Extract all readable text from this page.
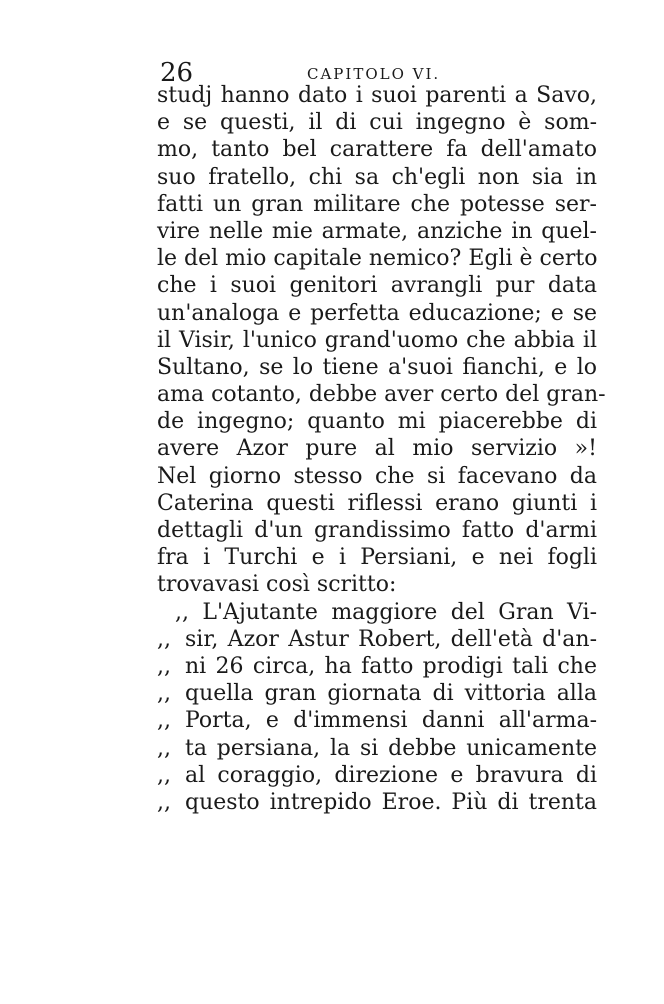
26	CAPITOLO VI.
studj hanno dato i suoi parenti a Savo,
e se questi, il di cui ingegno è som-
mo, tanto bel carattere fa dell'amato
suo fratello, chi sa ch'egli non sia in
fatti un gran militare che potesse ser-
vire nelle mie armate, anziche in quel-
le del mio capitale nemico? Egli è certo
che i suoi genitori avrangli pur data
un'analoga e perfetta educazione; e se
il Visir, l'unico grand'uomo che abbia il
Sultano, se lo tiene a'suoi fianchi, e lo
ama cotanto, debbe aver certo del gran-
de ingegno; quanto mi piacerebbe di
avere Azor pure al mio servizio »!
Nel giorno stesso che si facevano da
Caterina questi riflessi erano giunti i
dettagli d'un grandissimo fatto d'armi
fra i Turchi e i Persiani, e nei fogli
trovavasi così scritto:
,, L'Ajutante maggiore del Gran Vi-
,, sir, Azor Astur Robert, dell'età d'an-
,, ni 26 circa, ha fatto prodigi tali che
,, quella gran giornata di vittoria alla
,, Porta, e d'immensi danni all'arma-
,, ta persiana, la si debbe unicamente
,, al coraggio, direzione e bravura di
,, questo intrepido Eroe. Più di trenta
